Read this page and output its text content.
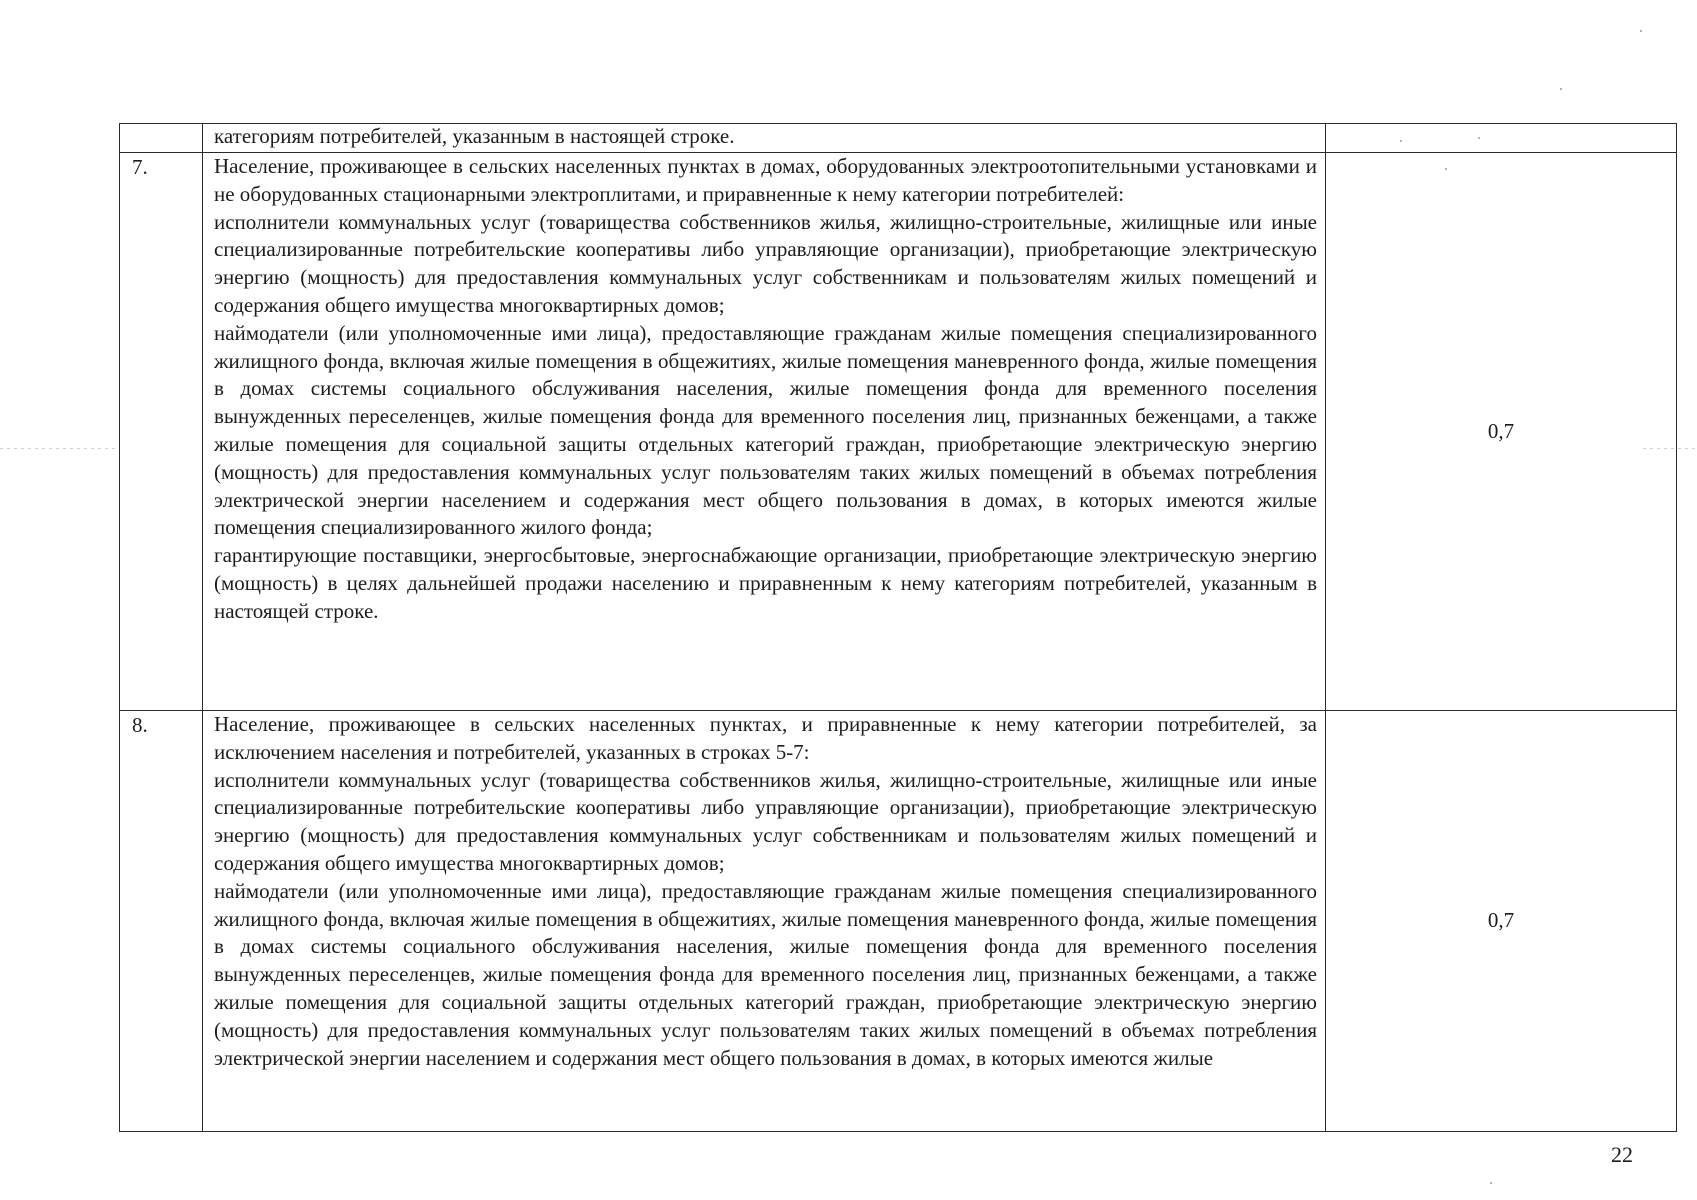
	категориям потребителей, указанным в настоящей строке.	

7.	Население, проживающее в сельских населенных пунктах в домах, оборудованных электроотопительными установками и не оборудованных стационарными электроплитами, и приравненные к нему категории потребителей:

исполнители коммунальных услуг (товарищества собственников жилья, жилищно-строительные, жилищные или иные специализированные потребительские кооперативы либо управляющие организации), приобретающие электрическую энергию (мощность) для предоставления коммунальных услуг собственникам и пользователям жилых помещений и содержания общего имущества многоквартирных домов;

наймодатели (или уполномоченные ими лица), предоставляющие гражданам жилые помещения специализированного жилищного фонда, включая жилые помещения в общежитиях, жилые помещения маневренного фонда, жилые помещения в домах системы социального обслуживания населения, жилые помещения фонда для временного поселения вынужденных переселенцев, жилые помещения фонда для временного поселения лиц, признанных беженцами, а также жилые помещения для социальной защиты отдельных категорий граждан, приобретающие электрическую энергию (мощность) для предоставления коммунальных услуг пользователям таких жилых помещений в объемах потребления электрической энергии населением и содержания мест общего пользования в домах, в которых имеются жилые помещения специализированного жилого фонда;

гарантирующие поставщики, энергосбытовые, энергоснабжающие организации, приобретающие электрическую энергию (мощность) в целях дальнейшей продажи населению и приравненным к нему категориям потребителей, указанным в настоящей строке.	0,7
8.	Население, проживающее в сельских населенных пунктах, и приравненные к нему категории потребителей, за исключением населения и потребителей, указанных в строках 5-7:

исполнители коммунальных услуг (товарищества собственников жилья, жилищно-строительные, жилищные или иные специализированные потребительские кооперативы либо управляющие организации), приобретающие электрическую энергию (мощность) для предоставления коммунальных услуг собственникам и пользователям жилых помещений и содержания общего имущества многоквартирных домов;

наймодатели (или уполномоченные ими лица), предоставляющие гражданам жилые помещения специализированного жилищного фонда, включая жилые помещения в общежитиях, жилые помещения маневренного фонда, жилые помещения в домах системы социального обслуживания населения, жилые помещения фонда для временного поселения вынужденных переселенцев, жилые помещения фонда для временного поселения лиц, признанных беженцами, а также жилые помещения для социальной защиты отдельных категорий граждан, приобретающие электрическую энергию (мощность) для предоставления коммунальных услуг пользователям таких жилых помещений в объемах потребления электрической энергии населением и содержания мест общего пользования в домах, в которых имеются жилые	0,7
22
